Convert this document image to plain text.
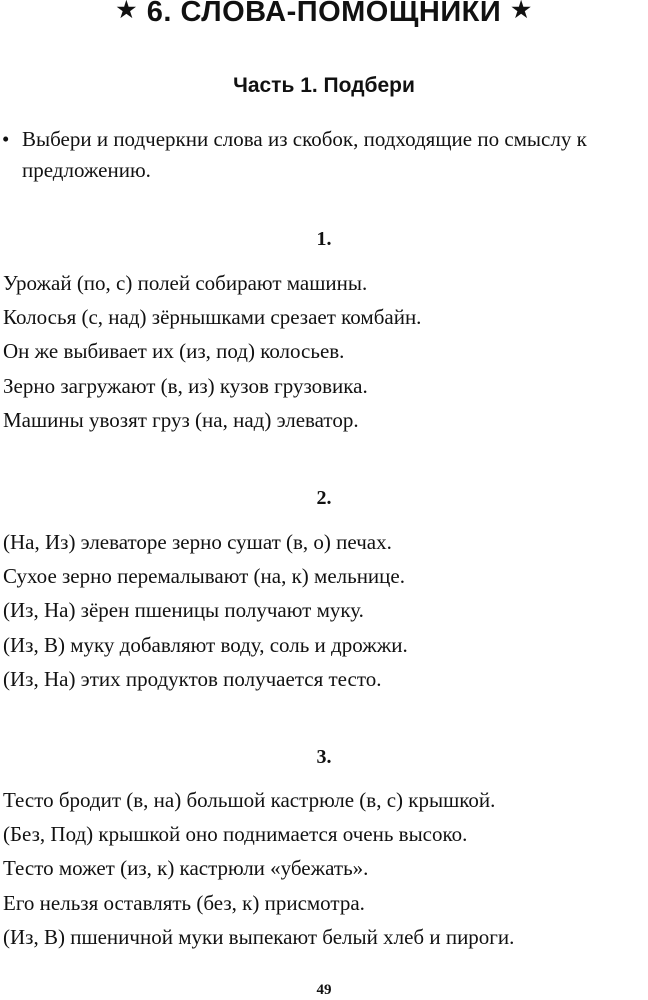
★ 6. СЛОВА-ПОМОЩНИКИ ★
Часть 1. Подбери
• Выбери и подчеркни слова из скобок, подходящие по смыслу к предложению.
1.
Урожай (по, с) полей собирают машины.
Колосья (с, над) зёрнышками срезает комбайн.
Он же выбивает их (из, под) колосьев.
Зерно загружают (в, из) кузов грузовика.
Машины увозят груз (на, над) элеватор.
2.
(На, Из) элеваторе зерно сушат (в, о) печах.
Сухое зерно перемалывают (на, к) мельнице.
(Из, На) зёрен пшеницы получают муку.
(Из, В) муку добавляют воду, соль и дрожжи.
(Из, На) этих продуктов получается тесто.
3.
Тесто бродит (в, на) большой кастрюле (в, с) крышкой.
(Без, Под) крышкой оно поднимается очень высоко.
Тесто может (из, к) кастрюли «убежать».
Его нельзя оставлять (без, к) присмотра.
(Из, В) пшеничной муки выпекают белый хлеб и пироги.
49
